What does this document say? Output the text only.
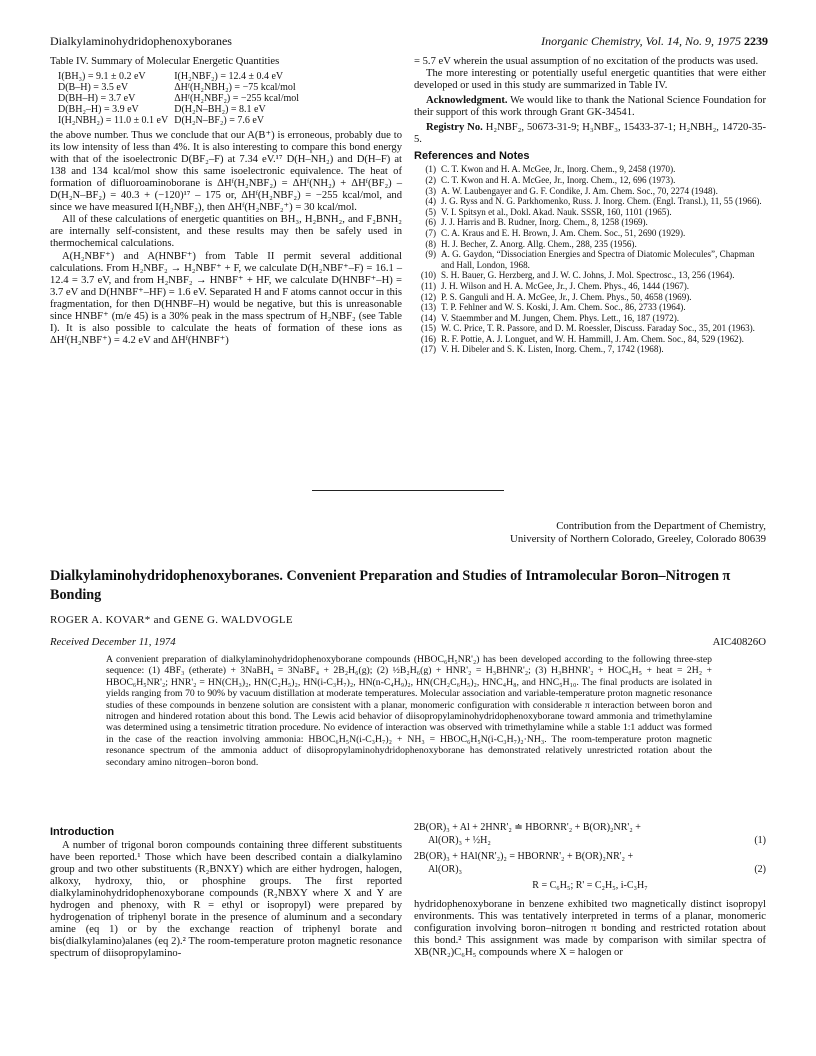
Dialkylaminohydridophenoxyboranes	Inorganic Chemistry, Vol. 14, No. 9, 1975 2239
Table IV. Summary of Molecular Energetic Quantities
I(BH₃) = 9.1 ± 0.2 eV	I(H₂NBF₂) = 12.4 ± 0.4 eV
D(B–H) = 3.5 eV	ΔHᶠ(H₂NBH₂) = −75 kcal/mol
D(BH–H) = 3.7 eV	ΔHᶠ(H₂NBF₂) = −255 kcal/mol
D(BH₂–H) = 3.9 eV	D(H₂N–BH₂) = 8.1 eV
I(H₂NBH₂) = 11.0 ± 0.1 eV	D(H₂N–BF₂) = 7.6 eV

the above number. Thus we conclude that our A(B⁺) is erroneous, probably due to its low intensity of less than 4%. It is also interesting to compare this bond energy with that of the isoelectronic D(BF₂–F) at 7.34 eV.¹⁷ D(H–NH₂) and D(H–F) at 138 and 134 kcal/mol show this same isoelectronic equivalence. The heat of formation of difluoroaminoborane is ΔHᶠ(H₂NBF₂) = ΔHᶠ(NH₂) + ΔHᶠ(BF₂) – D(H₂N–BF₂) = 40.3 + (−120)¹⁷ – 175 or, ΔHᶠ(H₂NBF₂) = −255 kcal/mol, and since we have measured I(H₂NBF₂), then ΔHᶠ(H₂NBF₂⁺) = 30 kcal/mol.

All of these calculations of energetic quantities on BH₃, H₂BNH₂, and F₂BNH₂ are internally self-consistent, and these results may then be safely used in thermochemical calculations.

A(H₂NBF⁺) and A(HNBF⁺) from Table II permit several additional calculations. From H₂NBF₂ → H₂NBF⁺ + F, we calculate D(H₂NBF⁺–F) = 16.1 – 12.4 = 3.7 eV, and from H₂NBF₂ → HNBF⁺ + HF, we calculate D(HNBF⁺–H) = 3.7 eV and D(HNBF⁺–HF) = 1.6 eV. Separated H and F atoms cannot occur in this fragmentation, for then D(HNBF–H) would be negative, but this is unreasonable since HNBF⁺ (m/e 45) is a 30% peak in the mass spectrum of H₂NBF₂ (see Table I). It is also possible to calculate the heats of formation of these ions as ΔHᶠ(H₂NBF⁺) = 4.2 eV and ΔHᶠ(HNBF⁺)

= 5.7 eV wherein the usual assumption of no excitation of the products was used.

The more interesting or potentially useful energetic quantities that were either developed or used in this study are summarized in Table IV.

Acknowledgment. We would like to thank the National Science Foundation for their support of this work through Grant GK-34541.

Registry No. H₂NBF₂, 50673-31-9; H₃NBF₃, 15433-37-1; H₂NBH₂, 14720-35-5.

References and Notes
(1) C. T. Kwon and H. A. McGee, Jr., Inorg. Chem., 9, 2458 (1970).
(2) C. T. Kwon and H. A. McGee, Jr., Inorg. Chem., 12, 696 (1973).
(3) A. W. Laubengayer and G. F. Condike, J. Am. Chem. Soc., 70, 2274 (1948).
(4) J. G. Ryss and N. G. Parkhomenko, Russ. J. Inorg. Chem. (Engl. Transl.), 11, 55 (1966).
(5) V. I. Spitsyn et al., Dokl. Akad. Nauk. SSSR, 160, 1101 (1965).
(6) J. J. Harris and B. Rudner, Inorg. Chem., 8, 1258 (1969).
(7) C. A. Kraus and E. H. Brown, J. Am. Chem. Soc., 51, 2690 (1929).
(8) H. J. Becher, Z. Anorg. Allg. Chem., 288, 235 (1956).
(9) A. G. Gaydon, “Dissociation Energies and Spectra of Diatomic Molecules”, Chapman and Hall, London, 1968.
(10) S. H. Bauer, G. Herzberg, and J. W. C. Johns, J. Mol. Spectrosc., 13, 256 (1964).
(11) J. H. Wilson and H. A. McGee, Jr., J. Chem. Phys., 46, 1444 (1967).
(12) P. S. Ganguli and H. A. McGee, Jr., J. Chem. Phys., 50, 4658 (1969).
(13) T. P. Fehlner and W. S. Koski, J. Am. Chem. Soc., 86, 2733 (1964).
(14) V. Staemmber and M. Jungen, Chem. Phys. Lett., 16, 187 (1972).
(15) W. C. Price, T. R. Passore, and D. M. Roessler, Discuss. Faraday Soc., 35, 201 (1963).
(16) R. F. Pottie, A. J. Longuet, and W. H. Hammill, J. Am. Chem. Soc., 84, 529 (1962).
(17) V. H. Dibeler and S. K. Listen, Inorg. Chem., 7, 1742 (1968).
Contribution from the Department of Chemistry,
University of Northern Colorado, Greeley, Colorado 80639
Dialkylaminohydridophenoxyboranes. Convenient Preparation and Studies of Intramolecular Boron–Nitrogen π Bonding
ROGER A. KOVAR* and GENE G. WALDVOGLE
Received December 11, 1974	AIC40826O
A convenient preparation of dialkylaminohydridophenoxyborane compounds (HBOC₆H₅NR'₂) has been developed according to the following three-step sequence: (1) 4BF₃ (etherate) + 3NaBH₄ = 3NaBF₄ + 2B₂H₆(g); (2) ½B₂H₆(g) + HNR'₂ = H₃BHNR'₂; (3) H₃BHNR'₂ + HOC₆H₅ + heat = 2H₂ + HBOC₆H₅NR'₂; HNR'₂ = HN(CH₃)₂, HN(C₂H₅)₂, HN(i-C₃H₇)₂, HN(n-C₄H₉)₂, HN(CH₂C₆H₅)₂, HNC₄H₈, and HNC₅H₁₀. The final products are isolated in yields ranging from 70 to 90% by vacuum distillation at moderate temperatures. Molecular association and variable-temperature proton magnetic resonance studies of these compounds in benzene solution are consistent with a planar, monomeric configuration with considerable π interaction between boron and nitrogen and hindered rotation about this bond. The Lewis acid behavior of diisopropylaminohydridophenoxyborane toward ammonia and trimethylamine was determined using a tensimetric titration procedure. No evidence of interaction was observed with trimethylamine while a stable 1:1 adduct was formed in the case of the reaction involving ammonia: HBOC₆H₅N(i-C₃H₇)₂ + NH₃ = HBOC₆H₅N(i-C₃H₇)₂·NH₃. The room-temperature proton magnetic resonance spectrum of the ammonia adduct of diisopropylaminohydridophenoxyborane has demonstrated relatively unrestricted rotation about the secondary amino nitrogen–boron bond.
Introduction

A number of trigonal boron compounds containing three different substituents have been reported.¹ Those which have been described contain a dialkylamino group and two other substituents (R₂BNXY) which are either hydrogen, halogen, alkoxy, hydroxy, thio, or phosphine groups. The first reported dialkylaminohydridophenoxyborane compounds (R₂NBXY where X and Y are hydrogen and phenoxy, with R = ethyl or isopropyl) were prepared by hydrogenation of triphenyl borate in the presence of aluminum and a secondary amine (eq 1) or by the exchange reaction of triphenyl borate and bis(dialkylamino)alanes (eq 2).² The room-temperature proton magnetic resonance spectrum of diisopropylamino-

2B(OR)₃ + Al + 2HNR'₂ ≐ HBORNR'₂ + B(OR)₂NR'₂ +
Al(OR)₃ + ½H₂	(1)
2B(OR)₃ + HAl(NR'₂)₂ = HBORNR'₂ + B(OR)₂NR'₂ +
Al(OR)₃	(2)
R = C₆H₅; R' = C₂H₅, i-C₃H₇
hydridophenoxyborane in benzene exhibited two magnetically distinct isopropyl environments. This was tentatively interpreted in terms of a planar, monomeric configuration involving boron–nitrogen π bonding and restricted rotation about this bond.² This assignment was made by comparison with similar spectra of XB(NR₂)C₆H₅ compounds where X = halogen or
